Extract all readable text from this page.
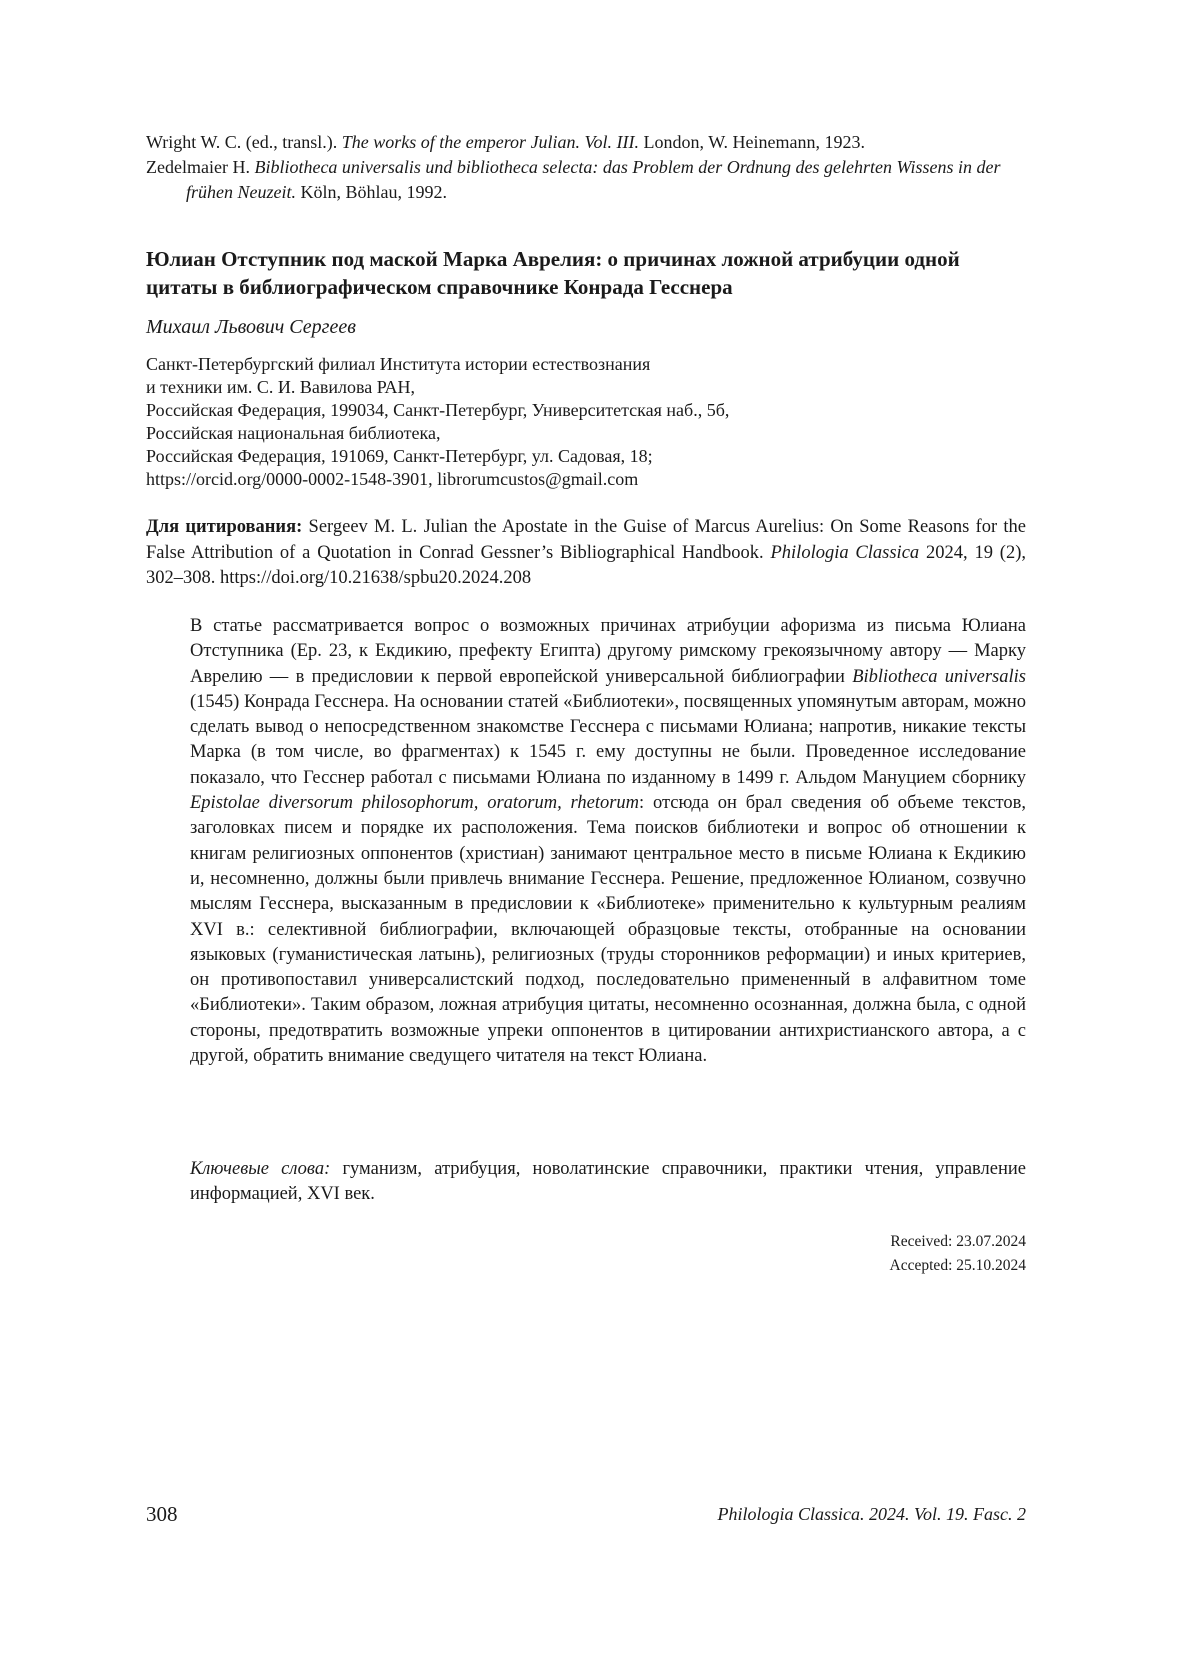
Wright W. C. (ed., transl.). The works of the emperor Julian. Vol. III. London, W. Heinemann, 1923.

Zedelmaier H. Bibliotheca universalis und bibliotheca selecta: das Problem der Ordnung des gelehrten Wissens in der frühen Neuzeit. Köln, Böhlau, 1992.

Юлиан Отступник под маской Марка Аврелия: о причинах ложной атрибуции одной цитаты в библиографическом справочнике Конрада Гесснера

Михаил Львович Сергеев

Санкт-Петербургский филиал Института истории естествознания
и техники им. С. И. Вавилова РАН,
Российская Федерация, 199034, Санкт-Петербург, Университетская наб., 5б,
Российская национальная библиотека,
Российская Федерация, 191069, Санкт-Петербург, ул. Садовая, 18;
https://orcid.org/0000-0002-1548-3901, librorumcustos@gmail.com

Для цитирования: Sergeev M. L. Julian the Apostate in the Guise of Marcus Aurelius: On Some Reasons for the False Attribution of a Quotation in Conrad Gessner’s Bibliographical Handbook. Philologia Classica 2024, 19 (2), 302–308. https://doi.org/10.21638/spbu20.2024.208

В статье рассматривается вопрос о возможных причинах атрибуции афоризма из письма Юлиана Отступника (Ep. 23, к Екдикию, префекту Египта) другому римскому грекоязычному автору — Марку Аврелию — в предисловии к первой европейской универсальной библиографии Bibliotheca universalis (1545) Конрада Гесснера. На основании статей «Библиотеки», посвященных упомянутым авторам, можно сделать вывод о непосредственном знакомстве Гесснера с письмами Юлиана; напротив, никакие тексты Марка (в том числе, во фрагментах) к 1545 г. ему доступны не были. Проведенное исследование показало, что Гесснер работал с письмами Юлиана по изданному в 1499 г. Альдом Мануцием сборнику Epistolae diversorum philosophorum, oratorum, rhetorum: отсюда он брал сведения об объеме текстов, заголовках писем и порядке их расположения. Тема поисков библиотеки и вопрос об отношении к книгам религиозных оппонентов (христиан) занимают центральное место в письме Юлиана к Екдикию и, несомненно, должны были привлечь внимание Гесснера. Решение, предложенное Юлианом, созвучно мыслям Гесснера, высказанным в предисловии к «Библиотеке» применительно к культурным реалиям XVI в.: селективной библиографии, включающей образцовые тексты, отобранные на основании языковых (гуманистическая латынь), религиозных (труды сторонников реформации) и иных критериев, он противопоставил универсалистский подход, последовательно примененный в алфавитном томе «Библиотеки». Таким образом, ложная атрибуция цитаты, несомненно осознанная, должна была, с одной стороны, предотвратить возможные упреки оппонентов в цитировании антихристианского автора, а с другой, обратить внимание сведущего читателя на текст Юлиана.

Ключевые слова: гуманизм, атрибуция, новолатинские справочники, практики чтения, управление информацией, XVI век.

Received: 23.07.2024
Accepted: 25.10.2024
308	Philologia Classica. 2024. Vol. 19. Fasc. 2
